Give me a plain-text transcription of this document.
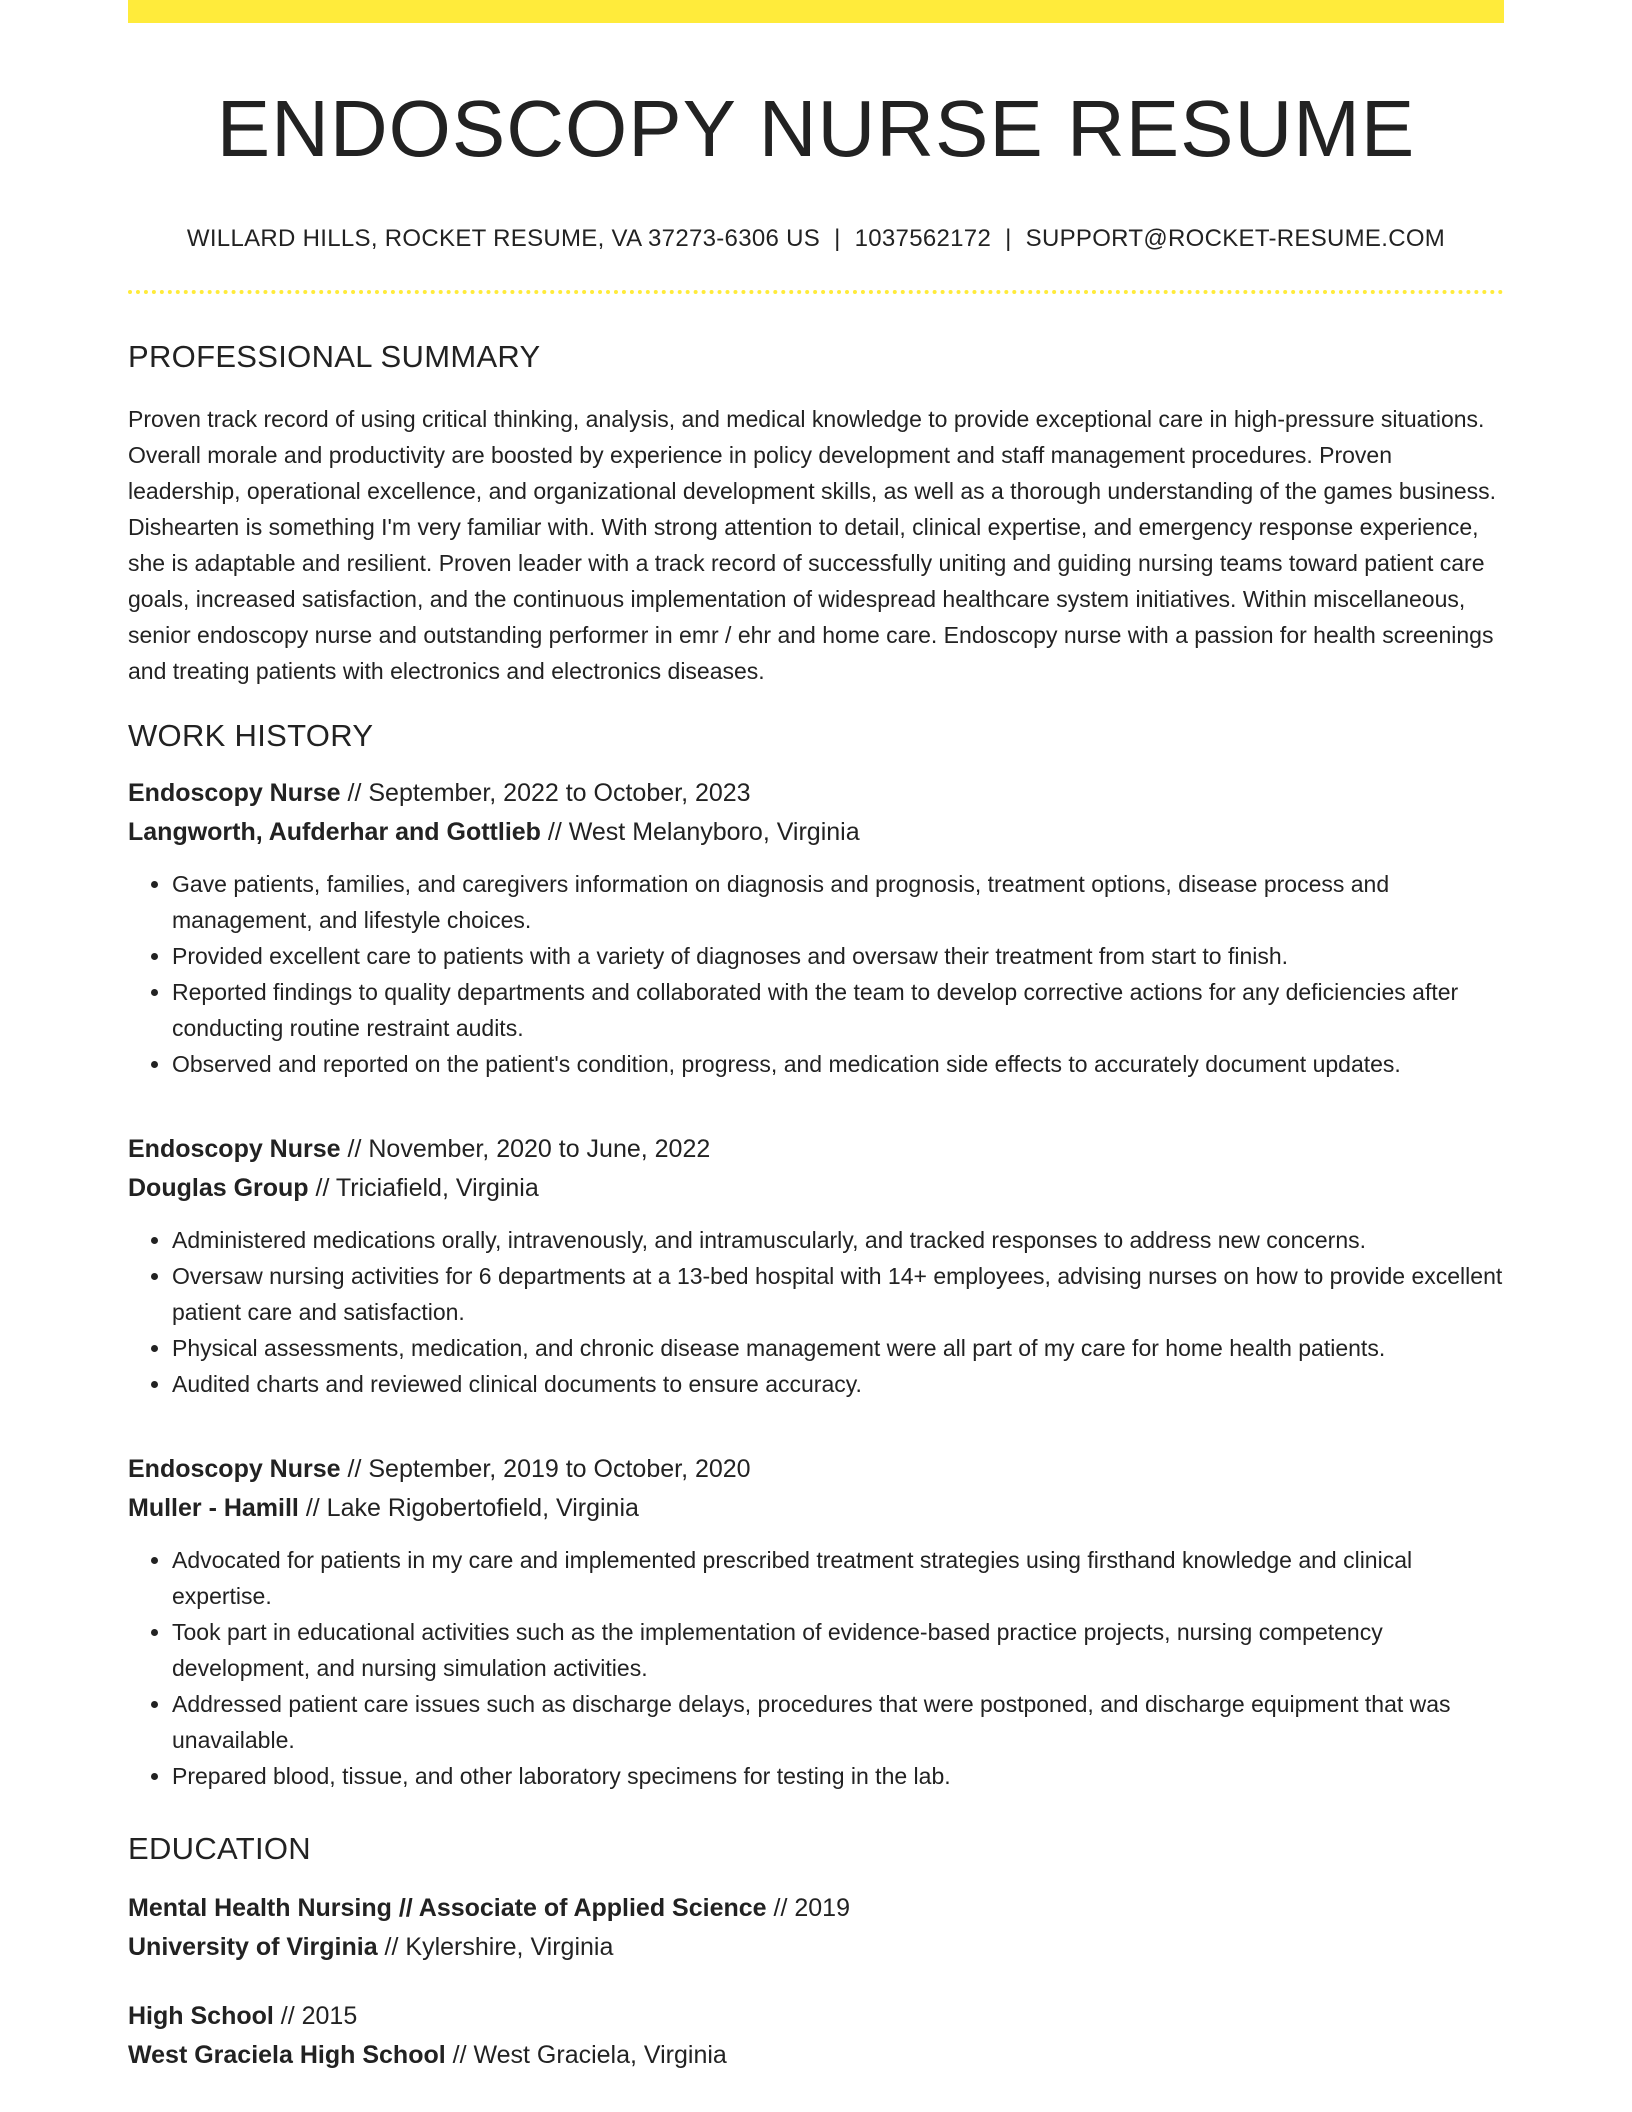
ENDOSCOPY NURSE RESUME
WILLARD HILLS, ROCKET RESUME, VA 37273-6306 US | 1037562172 | SUPPORT@ROCKET-RESUME.COM
PROFESSIONAL SUMMARY

Proven track record of using critical thinking, analysis, and medical knowledge to provide exceptional care in high-pressure situations. Overall morale and productivity are boosted by experience in policy development and staff management procedures. Proven leadership, operational excellence, and organizational development skills, as well as a thorough understanding of the games business. Dishearten is something I'm very familiar with. With strong attention to detail, clinical expertise, and emergency response experience, she is adaptable and resilient. Proven leader with a track record of successfully uniting and guiding nursing teams toward patient care goals, increased satisfaction, and the continuous implementation of widespread healthcare system initiatives. Within miscellaneous, senior endoscopy nurse and outstanding performer in emr / ehr and home care. Endoscopy nurse with a passion for health screenings and treating patients with electronics and electronics diseases.

WORK HISTORY
Endoscopy Nurse // September, 2022 to October, 2023
Langworth, Aufderhar and Gottlieb // West Melanyboro, Virginia
• Gave patients, families, and caregivers information on diagnosis and prognosis, treatment options, disease process and management, and lifestyle choices.
• Provided excellent care to patients with a variety of diagnoses and oversaw their treatment from start to finish.
• Reported findings to quality departments and collaborated with the team to develop corrective actions for any deficiencies after conducting routine restraint audits.
• Observed and reported on the patient's condition, progress, and medication side effects to accurately document updates.
Endoscopy Nurse // November, 2020 to June, 2022
Douglas Group // Triciafield, Virginia
• Administered medications orally, intravenously, and intramuscularly, and tracked responses to address new concerns.
• Oversaw nursing activities for 6 departments at a 13-bed hospital with 14+ employees, advising nurses on how to provide excellent patient care and satisfaction.
• Physical assessments, medication, and chronic disease management were all part of my care for home health patients.
• Audited charts and reviewed clinical documents to ensure accuracy.
Endoscopy Nurse // September, 2019 to October, 2020
Muller - Hamill // Lake Rigobertofield, Virginia
• Advocated for patients in my care and implemented prescribed treatment strategies using firsthand knowledge and clinical expertise.
• Took part in educational activities such as the implementation of evidence-based practice projects, nursing competency development, and nursing simulation activities.
• Addressed patient care issues such as discharge delays, procedures that were postponed, and discharge equipment that was unavailable.
• Prepared blood, tissue, and other laboratory specimens for testing in the lab.
EDUCATION
Mental Health Nursing // Associate of Applied Science // 2019
University of Virginia // Kylershire, Virginia
High School // 2015
West Graciela High School // West Graciela, Virginia
